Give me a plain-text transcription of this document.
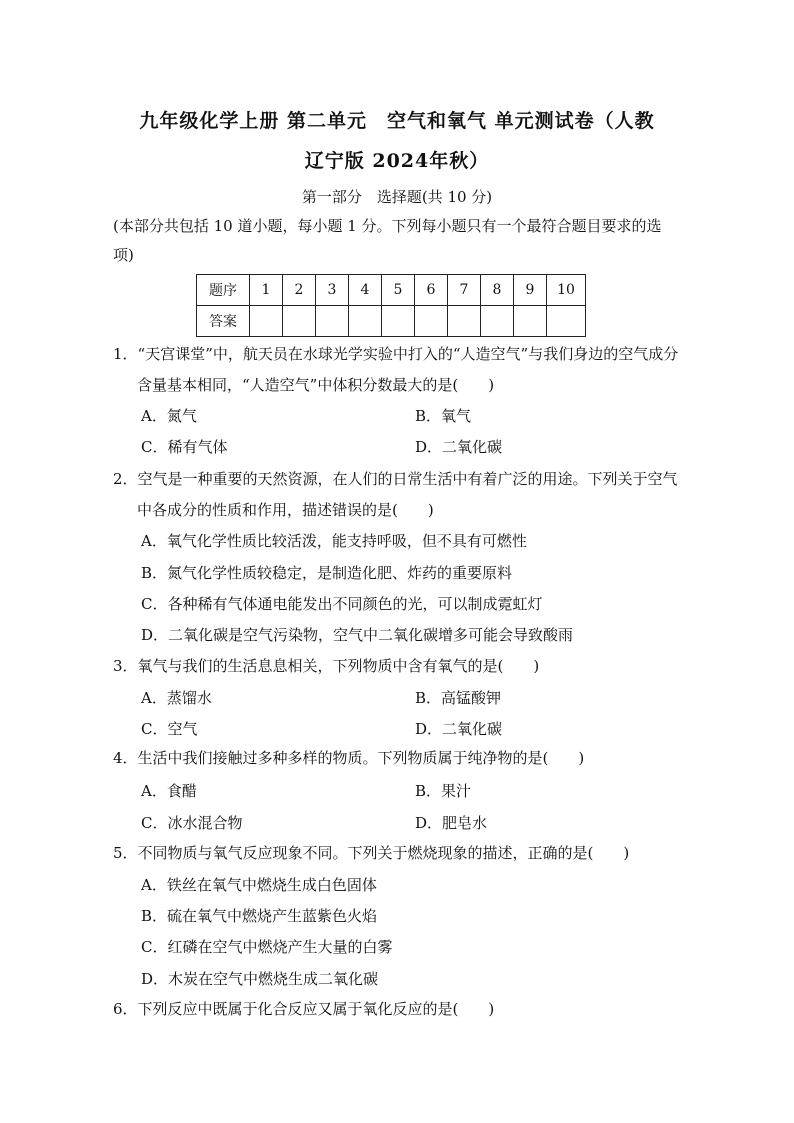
九年级化学上册 第二单元　空气和氧气 单元测试卷（人教
辽宁版 2024年秋）
第一部分　选择题(共 10 分)
(本部分共包括 10 道小题，每小题 1 分。下列每小题只有一个最符合题目要求的选项)
题序	1	2	3	4	5	6	7	8	9	10
答案										
1．“天宫课堂”中，航天员在水球光学实验中打入的“人造空气”与我们身边的空气成分含量基本相同，“人造空气”中体积分数最大的是(　　)
A．氮气	B．氧气
C．稀有气体	D．二氧化碳
2．空气是一种重要的天然资源，在人们的日常生活中有着广泛的用途。下列关于空气中各成分的性质和作用，描述错误的是(　　)
A．氧气化学性质比较活泼，能支持呼吸，但不具有可燃性
B．氮气化学性质较稳定，是制造化肥、炸药的重要原料
C．各种稀有气体通电能发出不同颜色的光，可以制成霓虹灯
D．二氧化碳是空气污染物，空气中二氧化碳增多可能会导致酸雨
3．氧气与我们的生活息息相关，下列物质中含有氧气的是(　　)
A．蒸馏水	B．高锰酸钾
C．空气	D．二氧化碳
4．生活中我们接触过多种多样的物质。下列物质属于纯净物的是(　　)
A．食醋	B．果汁
C．冰水混合物	D．肥皂水
5．不同物质与氧气反应现象不同。下列关于燃烧现象的描述，正确的是(　　)
A．铁丝在氧气中燃烧生成白色固体
B．硫在氧气中燃烧产生蓝紫色火焰
C．红磷在空气中燃烧产生大量的白雾
D．木炭在空气中燃烧生成二氧化碳
6．下列反应中既属于化合反应又属于氧化反应的是(　　)
